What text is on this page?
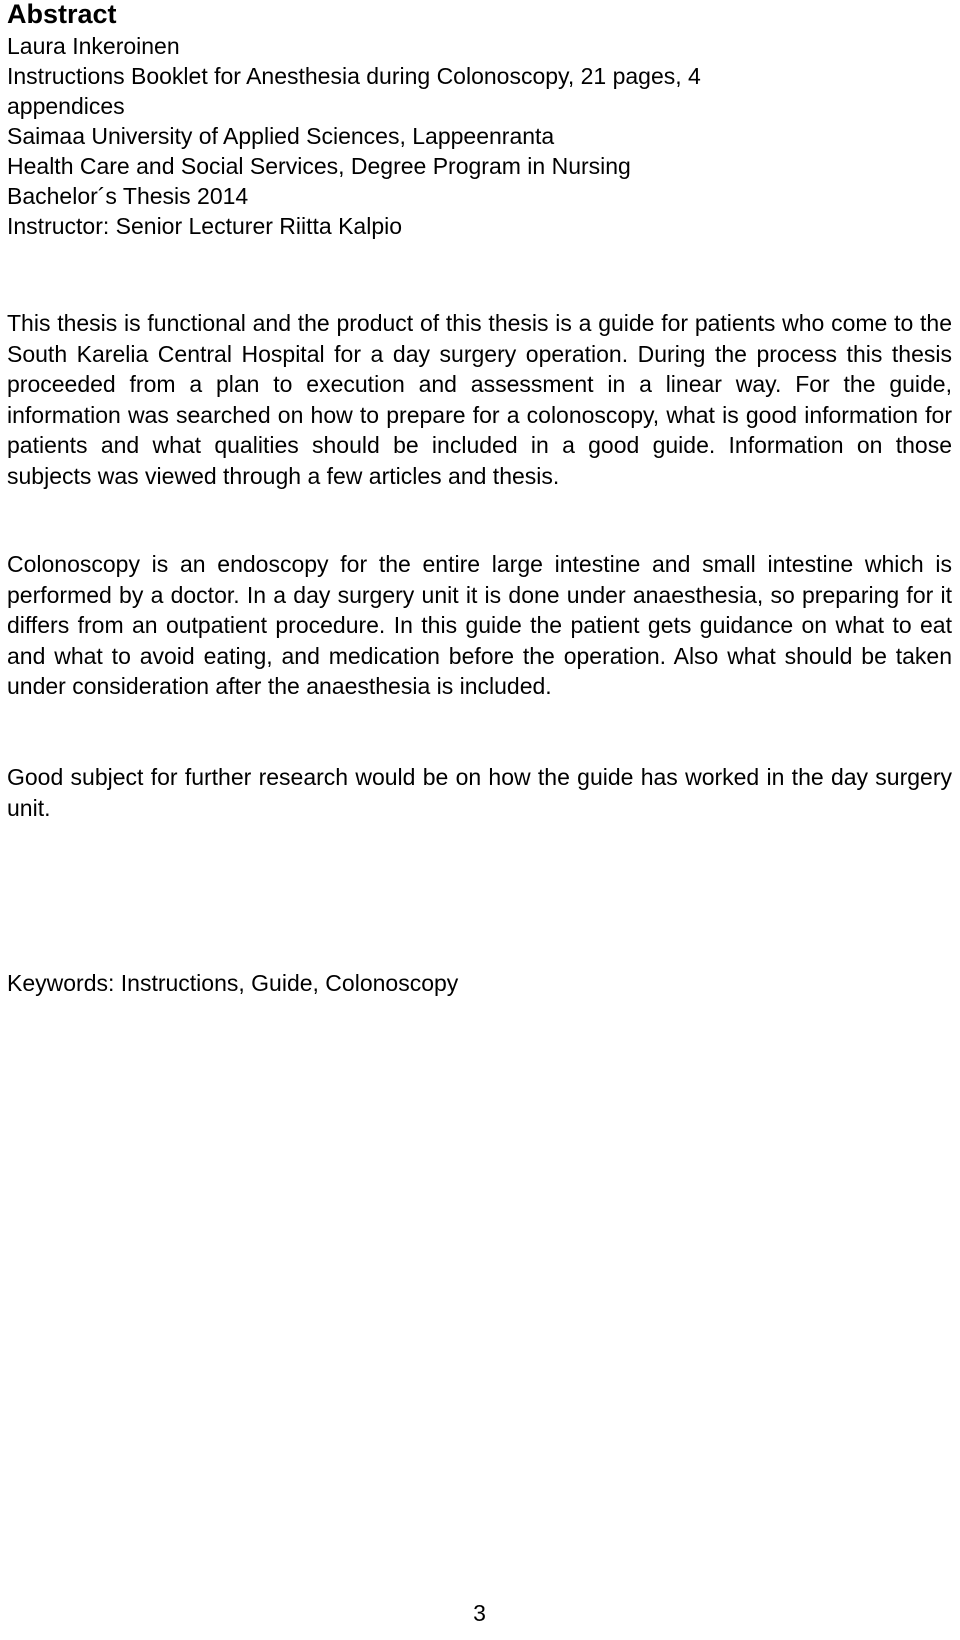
Abstract

Laura Inkeroinen

Instructions Booklet for Anesthesia during Colonoscopy, 21 pages, 4

appendices

Saimaa University of Applied Sciences, Lappeenranta

Health Care and Social Services, Degree Program in Nursing

Bachelor´s Thesis 2014

Instructor: Senior Lecturer Riitta Kalpio

This thesis is functional and the product of this thesis is a guide for patients who come to the South Karelia Central Hospital for a day surgery operation. During the process this thesis proceeded from a plan to execution and assessment in a linear way. For the guide, information was searched on how to prepare for a colonoscopy, what is good information for patients and what qualities should be included in a good guide. Information on those subjects was viewed through a few articles and thesis.

Colonoscopy is an endoscopy for the entire large intestine and small intestine which is performed by a doctor. In a day surgery unit it is done under anaesthesia, so preparing for it differs from an outpatient procedure. In this guide the patient gets guidance on what to eat and what to avoid eating, and medication before the operation. Also what should be taken under consideration after the anaesthesia is included.

Good subject for further research would be on how the guide has worked in the day surgery unit.

Keywords: Instructions, Guide, Colonoscopy

3
